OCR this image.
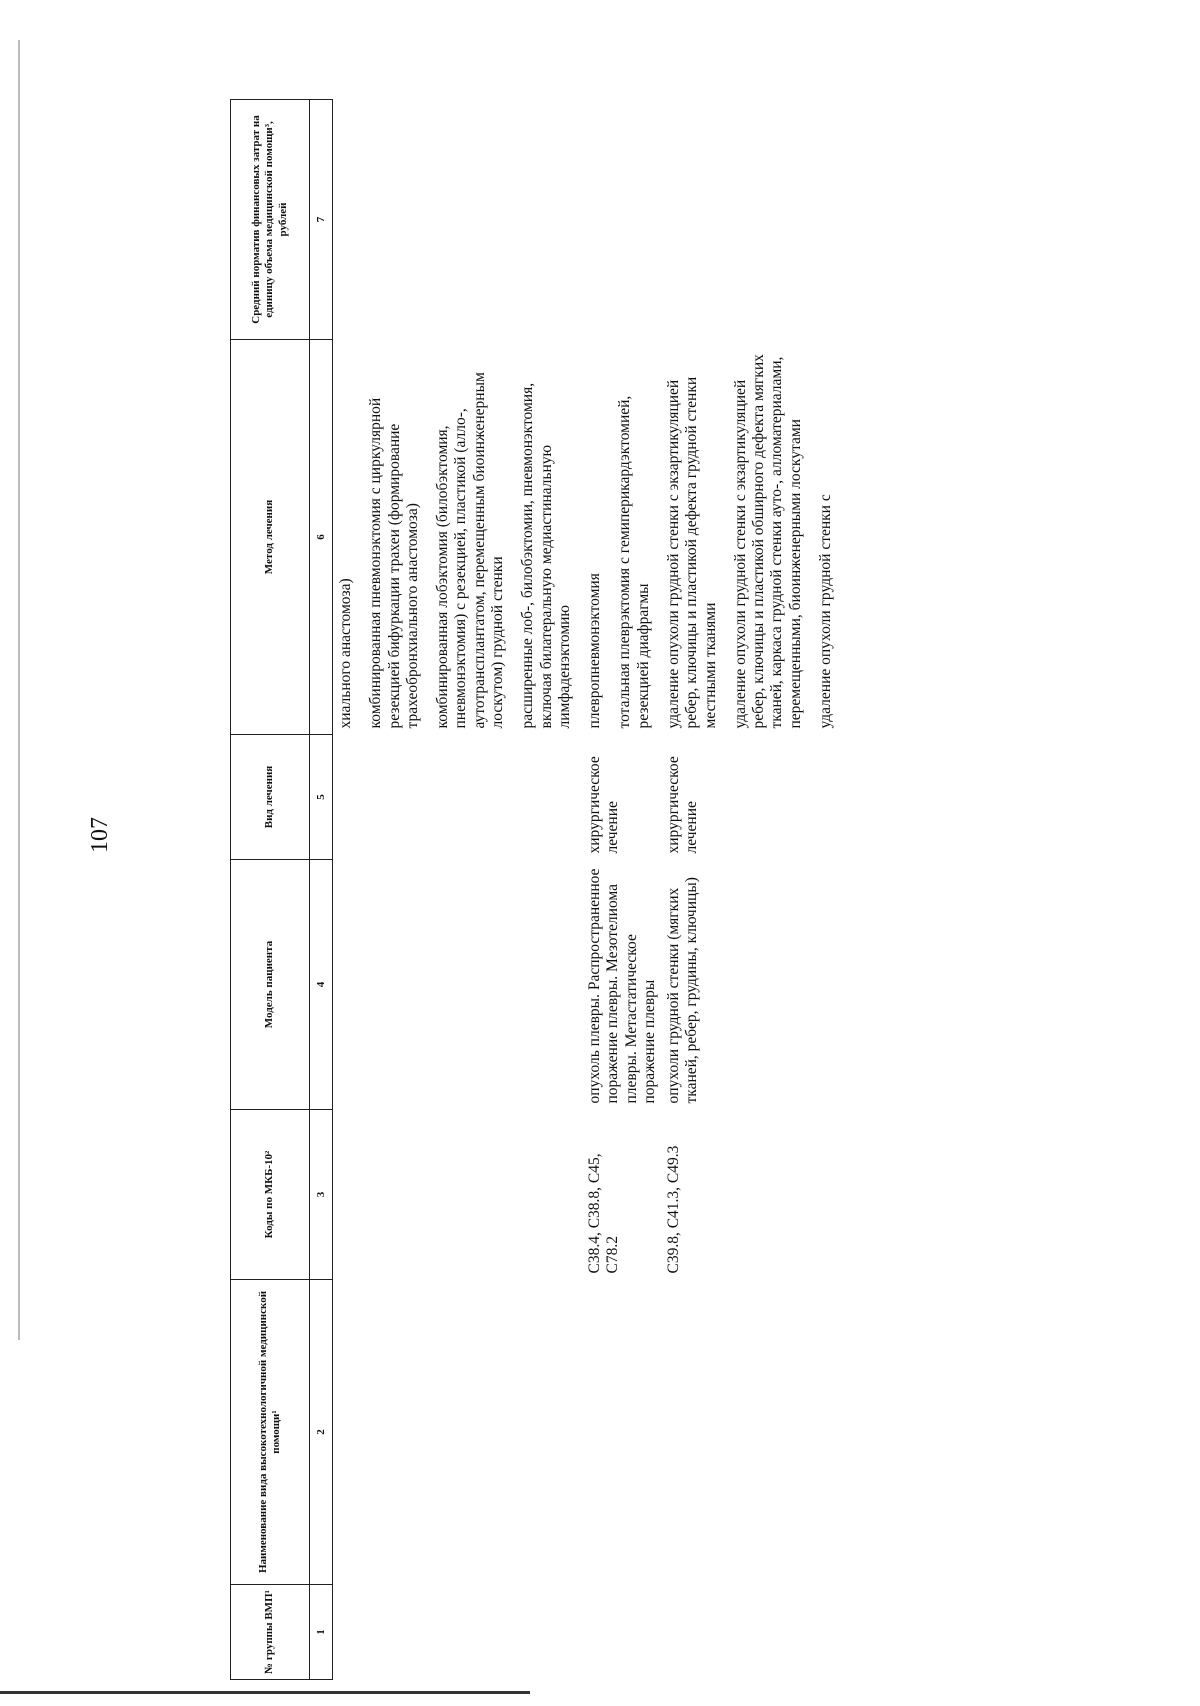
107
№ группы ВМП¹	Наименование вида высокотехнологичной медицинской помощи¹	Коды по МКБ-10²	Модель пациента	Вид лечения	Метод лечения	Средний норматив финансовых затрат на единицу объема медицинской помощи³, рублей
1	2	3	4	5	6	7

					хиального анастомоза) комбинированная пневмонэктомия с циркулярной резекцией бифуркации трахеи (формирование трахеобронхиального анастомоза) комбинированная лобэктомия (билобэктомия, пневмонэктомия) с резекцией, пластикой (алло-, аутотрансплантатом, перемещенным биоинженерным лоскутом) грудной стенки расширенные лоб-, билобэктомии, пневмонэктомия, включая билатеральную медиастинальную лимфаденэктомию	

		C38.4, C38.8, C45, C78.2	опухоль плевры. Распространенное поражение плевры. Мезотелиома плевры. Метастатическое поражение плевры	хирургическое лечение	плевропневмонэктомия тотальная плеврэктомия с гемиперикардэктомией, резекцией диафрагмы	

		C39.8, C41.3, C49.3	опухоли грудной стенки (мягких тканей, ребер, грудины, ключицы)	хирургическое лечение	удаление опухоли грудной стенки с экзартикуляцией ребер, ключицы и пластикой дефекта грудной стенки местными тканями удаление опухоли грудной стенки с экзартикуляцией ребер, ключицы и пластикой обширного дефекта мягких тканей, каркаса грудной стенки ауто-, алломатериалами, перемещенными, биоинженерными лоскутами удаление опухоли грудной стенки с	
